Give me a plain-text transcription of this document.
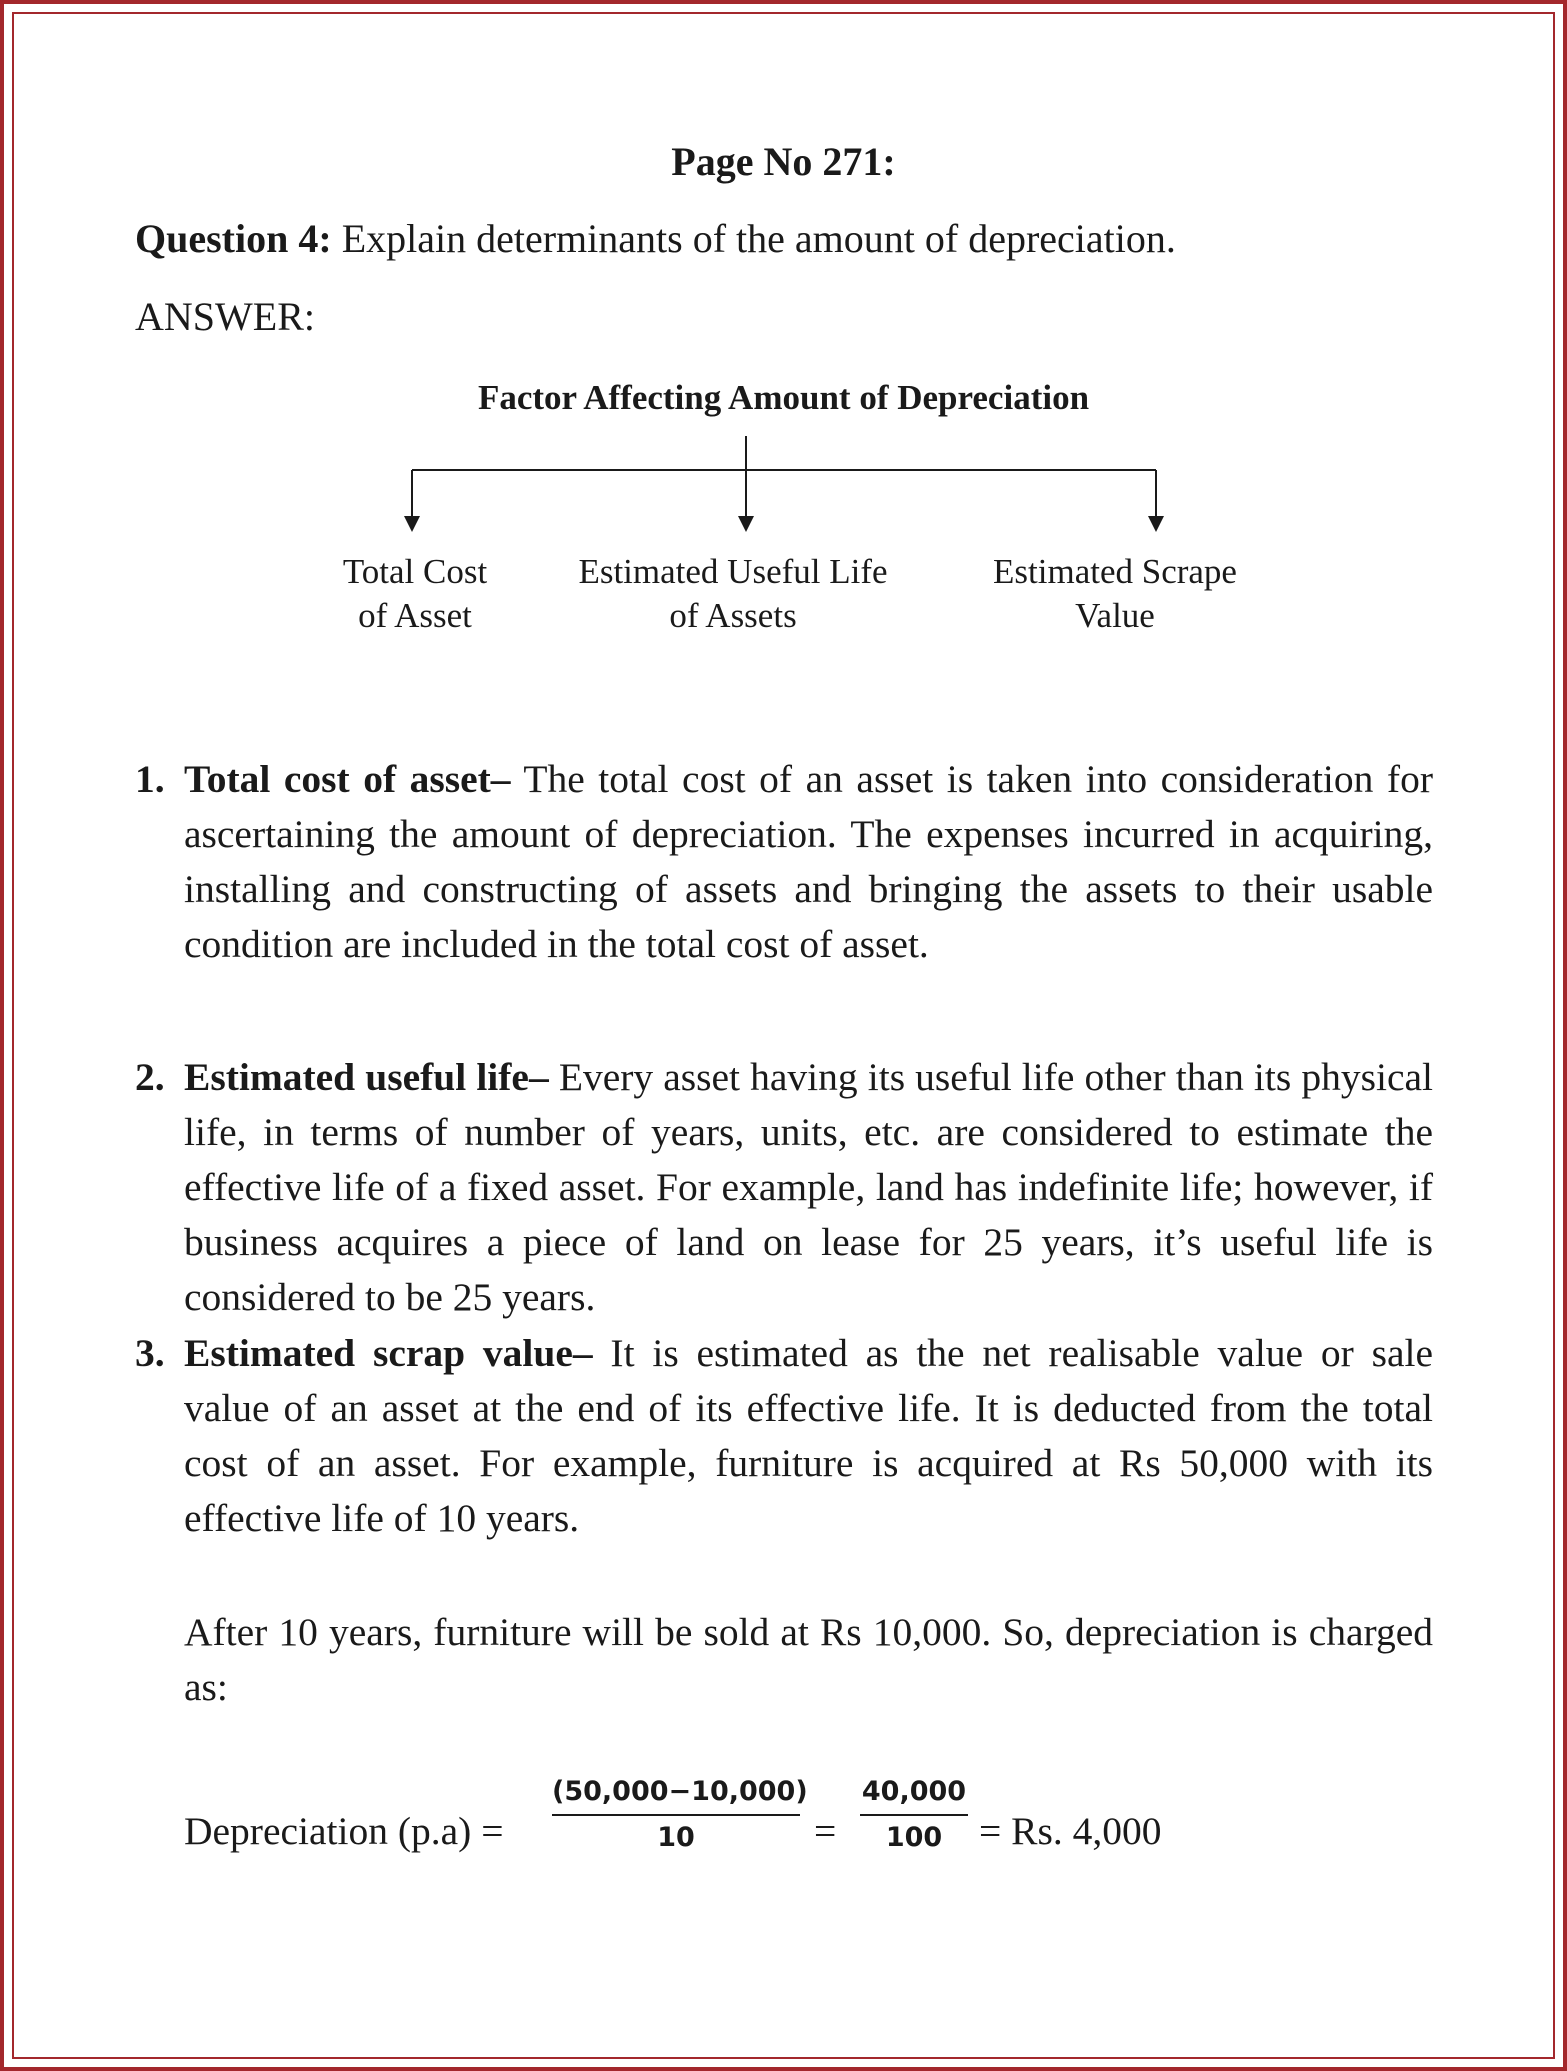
Page No 271:
Question 4: Explain determinants of the amount of depreciation.
ANSWER:
Factor Affecting Amount of Depreciation
Total Cost
of Asset
Estimated Useful Life
of Assets
Estimated Scrape
Value
1. Total cost of asset– The total cost of an asset is taken into consideration for ascertaining the amount of depreciation. The expenses incurred in acquiring, installing and constructing of assets and bringing the assets to their usable condition are included in the total cost of asset.
2. Estimated useful life– Every asset having its useful life other than its physical life, in terms of number of years, units, etc. are considered to estimate the effective life of a fixed asset. For example, land has indefinite life; however, if business acquires a piece of land on lease for 25 years, it’s useful life is considered to be 25 years.
3. Estimated scrap value– It is estimated as the net realisable value or sale value of an asset at the end of its effective life. It is deducted from the total cost of an asset. For example, furniture is acquired at Rs 50,000 with its effective life of 10 years.
After 10 years, furniture will be sold at Rs 10,000. So, depreciation is charged as:
Depreciation (p.a) =
(50,000−10,000)
10	=
40,000
100 = Rs. 4,000
